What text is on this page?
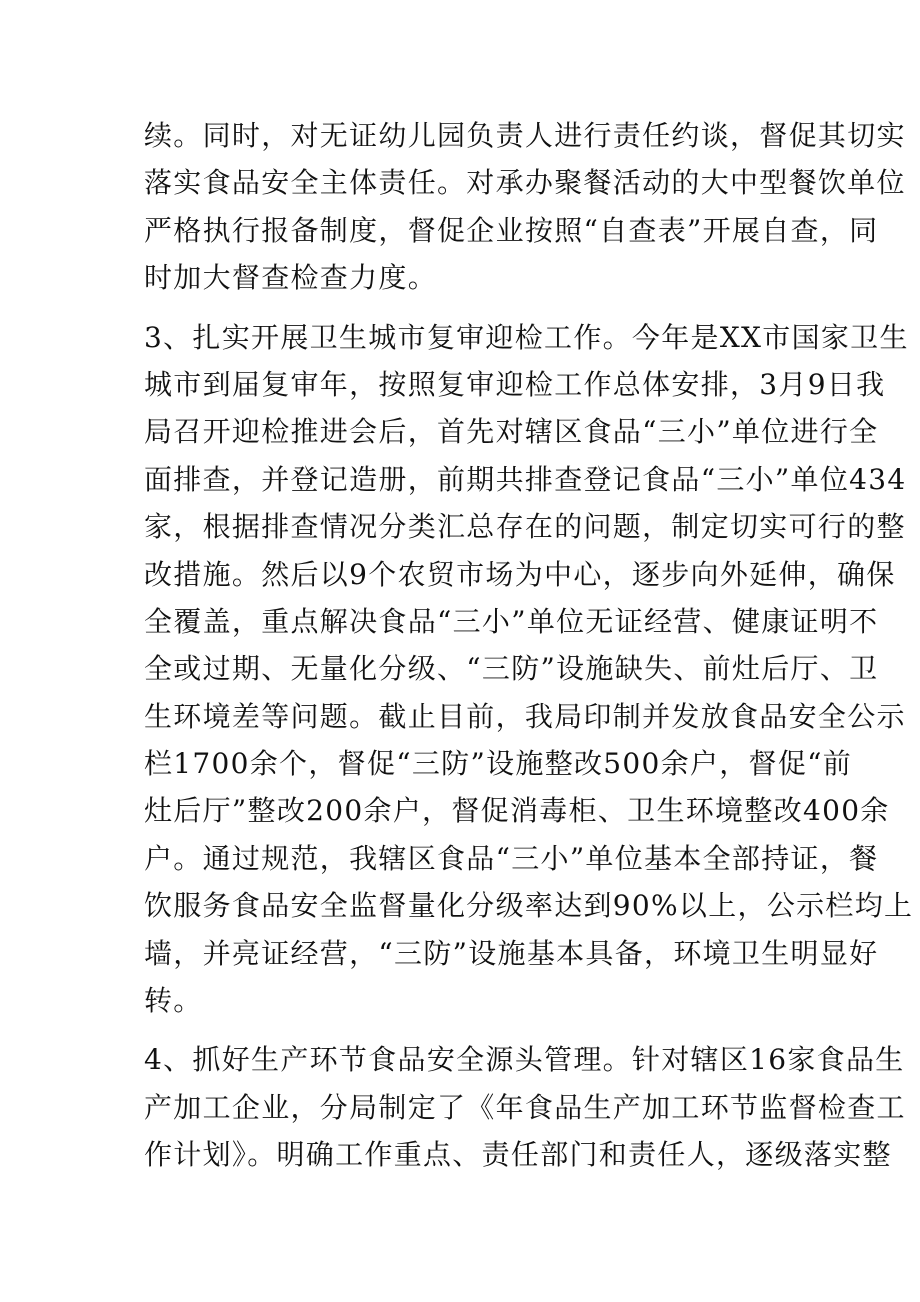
续。同时，对无证幼儿园负责人进行责任约谈，督促其切实
落实食品安全主体责任。对承办聚餐活动的大中型餐饮单位
严格执行报备制度，督促企业按照“自查表”开展自查，同
时加大督查检查力度。
3、扎实开展卫生城市复审迎检工作。今年是XX市国家卫生
城市到届复审年，按照复审迎检工作总体安排，3月9日我
局召开迎检推进会后，首先对辖区食品“三小”单位进行全
面排查，并登记造册，前期共排查登记食品“三小”单位434
家，根据排查情况分类汇总存在的问题，制定切实可行的整
改措施。然后以9个农贸市场为中心，逐步向外延伸，确保
全覆盖，重点解决食品“三小”单位无证经营、健康证明不
全或过期、无量化分级、“三防”设施缺失、前灶后厅、卫
生环境差等问题。截止目前，我局印制并发放食品安全公示
栏1700余个，督促“三防”设施整改500余户，督促“前
灶后厅”整改200余户，督促消毒柜、卫生环境整改400余
户。通过规范，我辖区食品“三小”单位基本全部持证，餐
饮服务食品安全监督量化分级率达到90%以上，公示栏均上
墙，并亮证经营，“三防”设施基本具备，环境卫生明显好
转。
4、抓好生产环节食品安全源头管理。针对辖区16家食品生
产加工企业，分局制定了《年食品生产加工环节监督检查工
作计划》。明确工作重点、责任部门和责任人，逐级落实整
